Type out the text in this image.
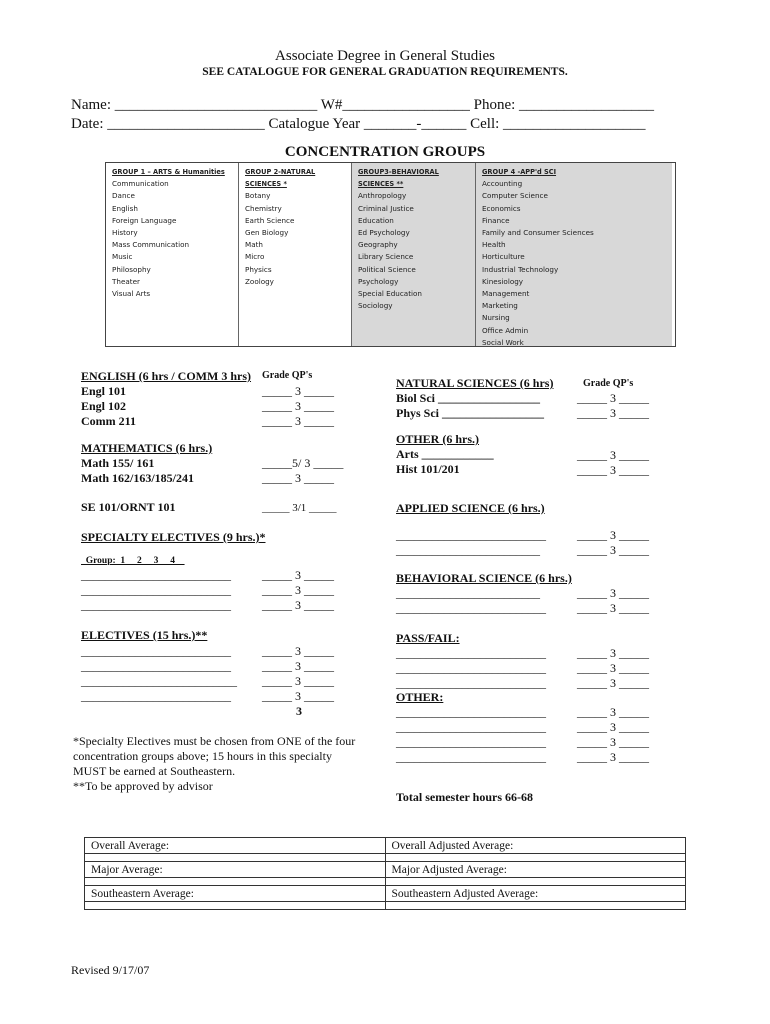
Associate Degree in General Studies
SEE CATALOGUE FOR GENERAL GRADUATION REQUIREMENTS.
Name: ___________________________ W#_________________ Phone: __________________
Date: _____________________ Catalogue Year _______-______ Cell: ___________________
CONCENTRATION GROUPS
GROUP 1 – ARTS & Humanities
Communication
Dance
English
Foreign Language
History
Mass Communication
Music
Philosophy
Theater
Visual Arts
GROUP 2-NATURAL SCIENCES *
Botany
Chemistry
Earth Science
Gen Biology
Math
Micro
Physics
Zoology
GROUP3-BEHAVIORAL SCIENCES **
Anthropology
Criminal Justice
Education
Ed Psychology
Geography
Library Science
Political Science
Psychology
Special Education
Sociology
GROUP 4 -APP'd SCI
Accounting
Computer Science
Economics
Finance
Family and Consumer Sciences
Health
Horticulture
Industrial Technology
Kinesiology
Management
Marketing
Nursing
Office Admin
Social Work
ENGLISH (6 hrs / COMM 3 hrs) Grade QP's
Engl 101	_____ 3 _____
Engl 102	_____ 3 _____
Comm 211	_____ 3 _____
MATHEMATICS (6 hrs.)
Math 155/ 161	_____5/ 3 _____
Math 162/163/185/241	_____ 3 _____
SE 101/ORNT 101	_____ 3/1 _____
SPECIALTY ELECTIVES (9 hrs.)*
Group:  1     2     3     4
_________________________	_____ 3 _____
_________________________	_____ 3 _____
_________________________	_____ 3 _____
ELECTIVES (15 hrs.)**
_________________________	_____ 3 _____
_________________________	_____ 3 _____
__________________________ _____ 3 _____
_________________________	_____ 3 _____
3
*Specialty Electives must be chosen from ONE of the four
concentration groups above; 15 hours in this specialty
MUST be earned at Southeastern.
**To be approved by advisor
NATURAL SCIENCES (6 hrs)	Grade QP's
Biol Sci _________________	_____ 3 _____
Phys Sci _________________	_____ 3 _____
OTHER (6 hrs.)
Arts ____________	_____ 3 _____
Hist 101/201	_____ 3 _____
APPLIED SCIENCE (6 hrs.)
_________________________	_____ 3 _____
________________________	_____ 3 _____
BEHAVIORAL SCIENCE (6 hrs.)
________________________	_____ 3 _____
_________________________	_____ 3 _____
PASS/FAIL:
_________________________	_____ 3 _____
_________________________	_____ 3 _____
_________________________	_____ 3 _____
OTHER:
_________________________	_____ 3 _____
_________________________	_____ 3 _____
_________________________	_____ 3 _____
_________________________	_____ 3 _____
Total semester hours 66-68
Overall Average:	Overall Adjusted Average:

Major Average:	Major Adjusted Average:

Southeastern Average:	Southeastern Adjusted Average:

Revised 9/17/07
